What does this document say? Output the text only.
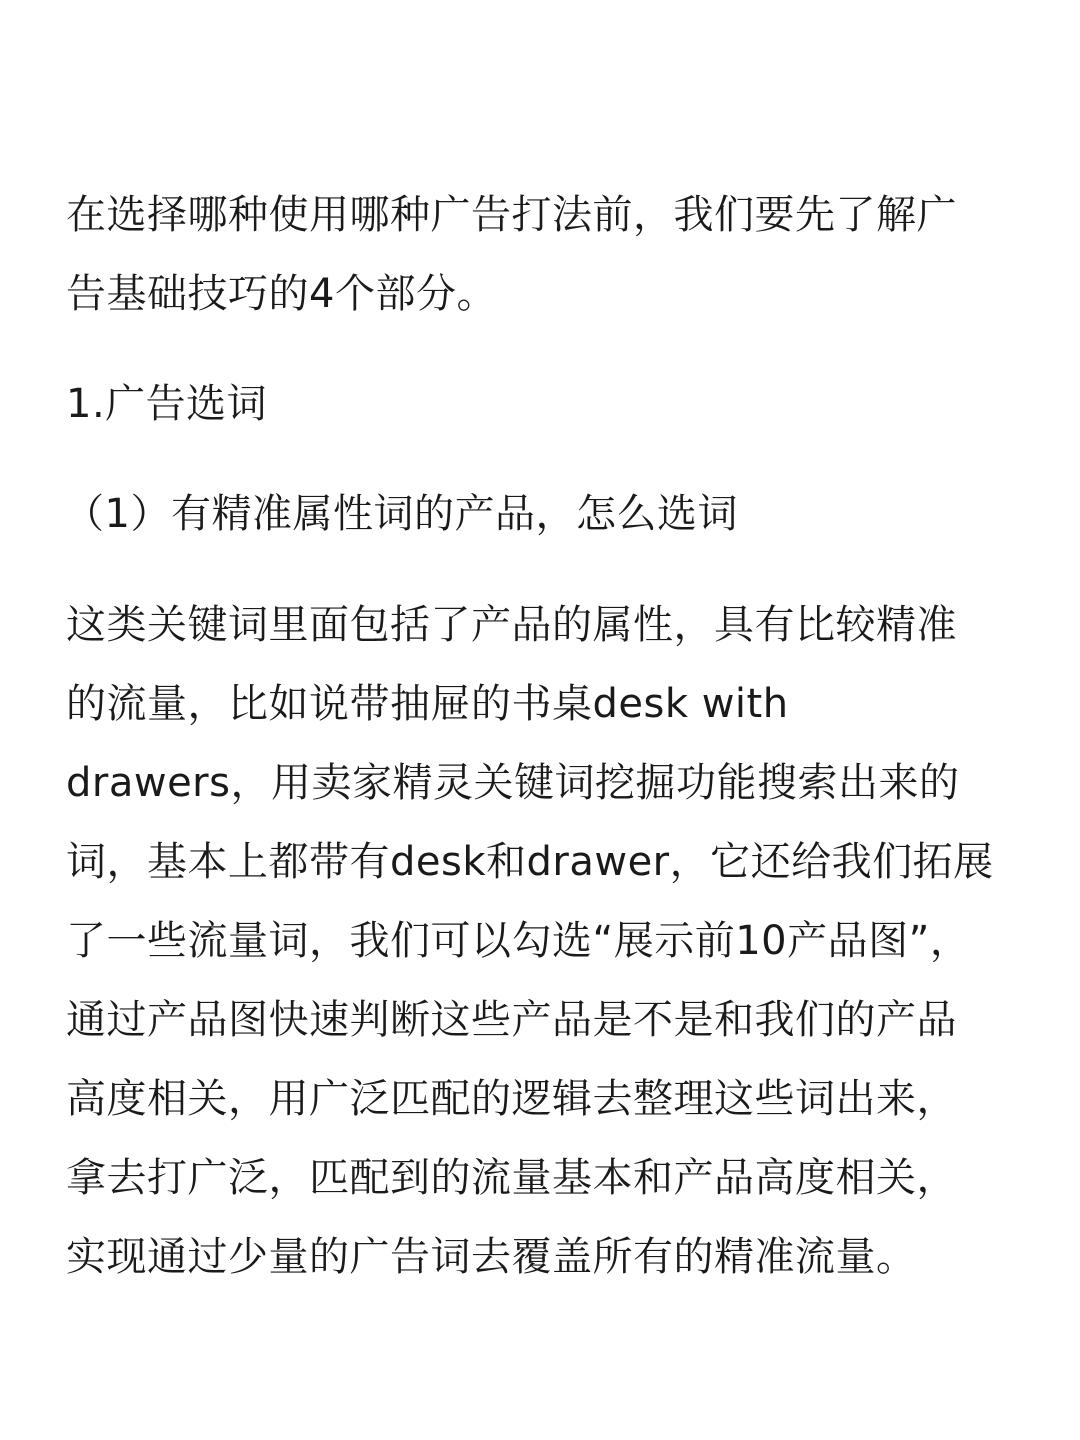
在选择哪种使用哪种广告打法前，我们要先了解广
告基础技巧的4个部分。
1.广告选词
（1）有精准属性词的产品，怎么选词
这类关键词里面包括了产品的属性，具有比较精准
的流量，比如说带抽屉的书桌desk with
drawers，用卖家精灵关键词挖掘功能搜索出来的
词，基本上都带有desk和drawer，它还给我们拓展
了一些流量词，我们可以勾选“展示前10产品图”，
通过产品图快速判断这些产品是不是和我们的产品
高度相关，用广泛匹配的逻辑去整理这些词出来，
拿去打广泛，匹配到的流量基本和产品高度相关，
实现通过少量的广告词去覆盖所有的精准流量。
